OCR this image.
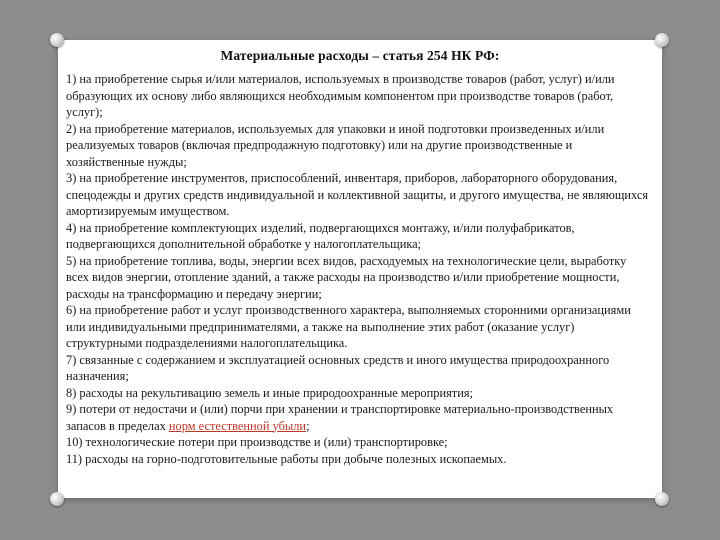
Материальные расходы – статья 254 НК РФ:

1) на приобретение сырья и/или материалов, используемых в производстве товаров (работ, услуг) и/или образующих их основу либо являющихся необходимым компонентом при производстве товаров (работ, услуг);

2) на приобретение материалов, используемых для упаковки и иной подготовки произведенных и/или реализуемых товаров (включая предпродажную подготовку) или на другие производственные и хозяйственные нужды;

3) на приобретение инструментов, приспособлений, инвентаря, приборов, лабораторного оборудования, спецодежды и других средств индивидуальной и коллективной защиты, и другого имущества, не являющихся амортизируемым имуществом.

4) на приобретение комплектующих изделий, подвергающихся монтажу, и/или полуфабрикатов, подвергающихся дополнительной обработке у налогоплательщика;

5) на приобретение топлива, воды, энергии всех видов, расходуемых на технологические цели, выработку всех видов энергии, отопление зданий, а также расходы на производство и/или приобретение мощности, расходы на трансформацию и передачу энергии;

6) на приобретение работ и услуг производственного характера, выполняемых сторонними организациями или индивидуальными предпринимателями, а также на выполнение этих работ (оказание услуг) структурными подразделениями налогоплательщика.

7) связанные с содержанием и эксплуатацией основных средств и иного имущества природоохранного назначения;

8) расходы на рекультивацию земель и иные природоохранные мероприятия;

9) потери от недостачи и (или) порчи при хранении и транспортировке материально-производственных запасов в пределах норм естественной убыли;

10) технологические потери при производстве и (или) транспортировке;

11) расходы на горно-подготовительные работы при добыче полезных ископаемых.
